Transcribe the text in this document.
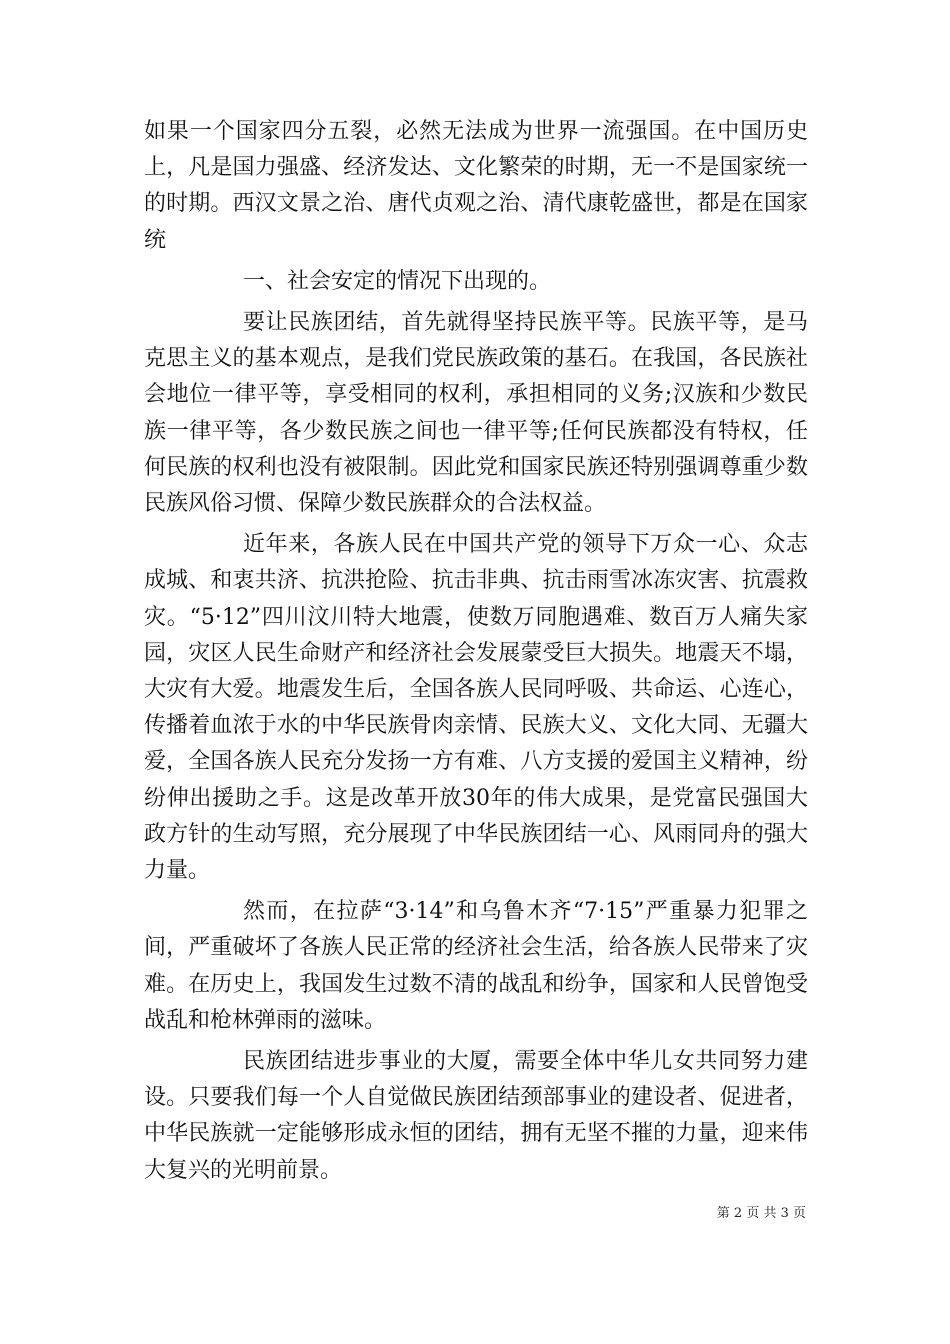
如果一个国家四分五裂，必然无法成为世界一流强国。在中国历史上，凡是国力强盛、经济发达、文化繁荣的时期，无一不是国家统一的时期。西汉文景之治、唐代贞观之治、清代康乾盛世，都是在国家统

一、社会安定的情况下出现的。

要让民族团结，首先就得坚持民族平等。民族平等，是马克思主义的基本观点，是我们党民族政策的基石。在我国，各民族社会地位一律平等，享受相同的权利，承担相同的义务;汉族和少数民族一律平等，各少数民族之间也一律平等;任何民族都没有特权，任何民族的权利也没有被限制。因此党和国家民族还特别强调尊重少数民族风俗习惯、保障少数民族群众的合法权益。

近年来，各族人民在中国共产党的领导下万众一心、众志成城、和衷共济、抗洪抢险、抗击非典、抗击雨雪冰冻灾害、抗震救灾。“5·12”四川汶川特大地震，使数万同胞遇难、数百万人痛失家园，灾区人民生命财产和经济社会发展蒙受巨大损失。地震天不塌，大灾有大爱。地震发生后，全国各族人民同呼吸、共命运、心连心，传播着血浓于水的中华民族骨肉亲情、民族大义、文化大同、无疆大爱，全国各族人民充分发扬一方有难、八方支援的爱国主义精神，纷纷伸出援助之手。这是改革开放30年的伟大成果，是党富民强国大政方针的生动写照，充分展现了中华民族团结一心、风雨同舟的强大力量。

然而，在拉萨“3·14”和乌鲁木齐“7·15”严重暴力犯罪之间，严重破坏了各族人民正常的经济社会生活，给各族人民带来了灾难。在历史上，我国发生过数不清的战乱和纷争，国家和人民曾饱受战乱和枪林弹雨的滋味。

民族团结进步事业的大厦，需要全体中华儿女共同努力建设。只要我们每一个人自觉做民族团结颈部事业的建设者、促进者，中华民族就一定能够形成永恒的团结，拥有无坚不摧的力量，迎来伟大复兴的光明前景。

第 2 页 共 3 页
